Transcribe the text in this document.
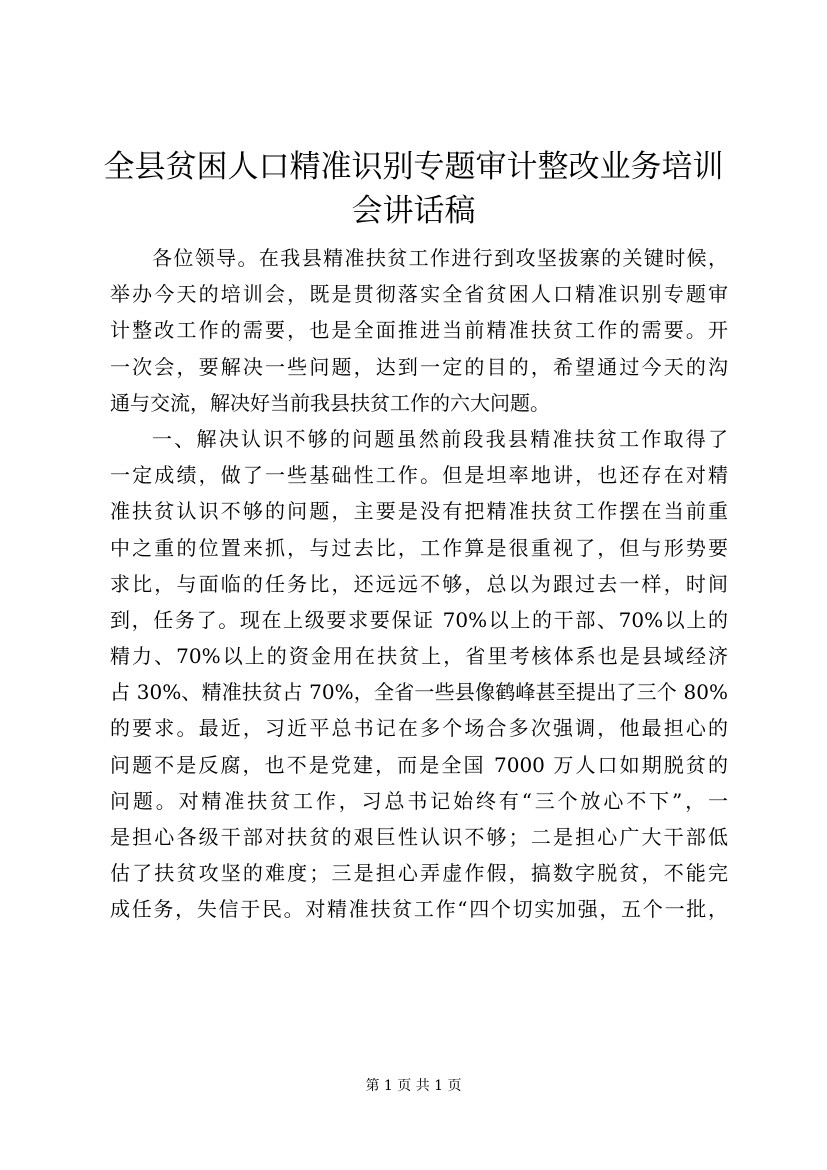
全县贫困人口精准识别专题审计整改业务培训
会讲话稿
各位领导。在我县精准扶贫工作进行到攻坚拔寨的关键时候，
举办今天的培训会，既是贯彻落实全省贫困人口精准识别专题审
计整改工作的需要，也是全面推进当前精准扶贫工作的需要。开
一次会，要解决一些问题，达到一定的目的，希望通过今天的沟
通与交流，解决好当前我县扶贫工作的六大问题。
一、解决认识不够的问题虽然前段我县精准扶贫工作取得了
一定成绩，做了一些基础性工作。但是坦率地讲，也还存在对精
准扶贫认识不够的问题，主要是没有把精准扶贫工作摆在当前重
中之重的位置来抓，与过去比，工作算是很重视了，但与形势要
求比，与面临的任务比，还远远不够，总以为跟过去一样，时间
到，任务了。现在上级要求要保证 70%以上的干部、70%以上的
精力、70%以上的资金用在扶贫上，省里考核体系也是县域经济
占 30%、精准扶贫占 70%，全省一些县像鹤峰甚至提出了三个 80%
的要求。最近，习近平总书记在多个场合多次强调，他最担心的
问题不是反腐，也不是党建，而是全国 7000 万人口如期脱贫的
问题。对精准扶贫工作，习总书记始终有“三个放心不下”，一
是担心各级干部对扶贫的艰巨性认识不够；二是担心广大干部低
估了扶贫攻坚的难度；三是担心弄虚作假，搞数字脱贫，不能完
成任务，失信于民。对精准扶贫工作“四个切实加强，五个一批，
第 1 页 共 1 页
